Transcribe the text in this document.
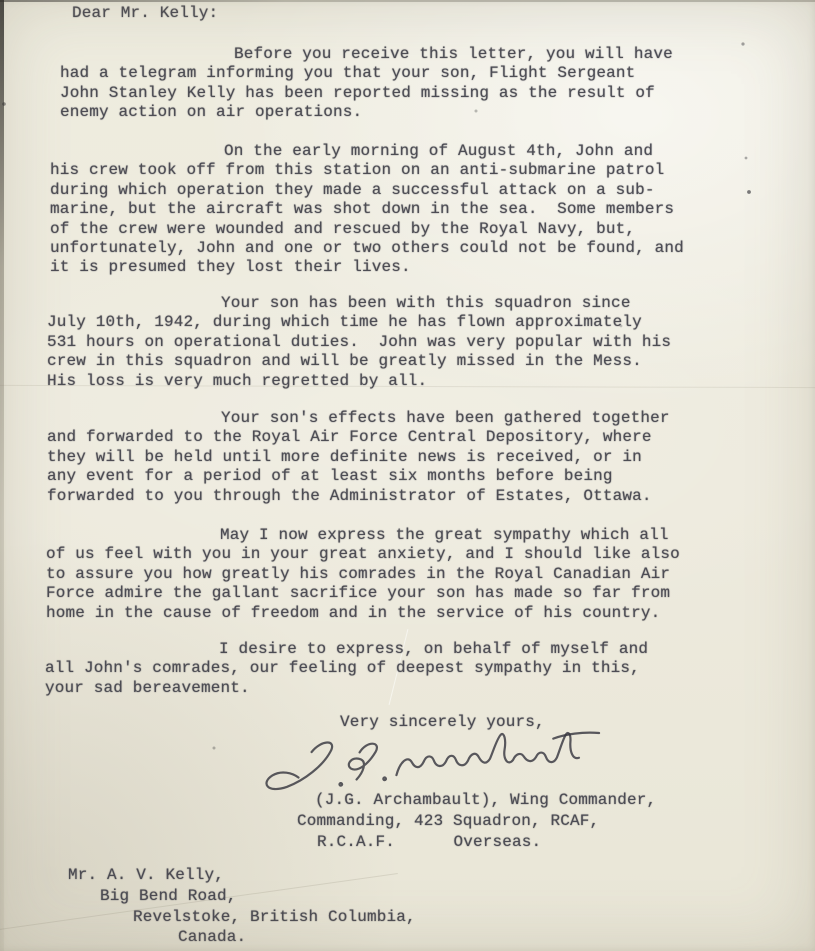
Dear Mr. Kelly:
Before you receive this letter, you will have
had a telegram informing you that your son, Flight Sergeant
John Stanley Kelly has been reported missing as the result of
enemy action on air operations.
On the early morning of August 4th, John and
his crew took off from this station on an anti-submarine patrol
during which operation they made a successful attack on a sub-
marine, but the aircraft was shot down in the sea.  Some members
of the crew were wounded and rescued by the Royal Navy, but,
unfortunately, John and one or two others could not be found, and
it is presumed they lost their lives.
Your son has been with this squadron since
July 10th, 1942, during which time he has flown approximately
531 hours on operational duties.  John was very popular with his
crew in this squadron and will be greatly missed in the Mess.
His loss is very much regretted by all.
Your son's effects have been gathered together
and forwarded to the Royal Air Force Central Depository, where
they will be held until more definite news is received, or in
any event for a period of at least six months before being
forwarded to you through the Administrator of Estates, Ottawa.
May I now express the great sympathy which all
of us feel with you in your great anxiety, and I should like also
to assure you how greatly his comrades in the Royal Canadian Air
Force admire the gallant sacrifice your son has made so far from
home in the cause of freedom and in the service of his country.
I desire to express, on behalf of myself and
all John's comrades, our feeling of deepest sympathy in this,
your sad bereavement.
Very sincerely yours,
(J.G. Archambault), Wing Commander,
Commanding, 423 Squadron, RCAF,
R.C.A.F.      Overseas.
Mr. A. V. Kelly,
Big Bend Road,
Revelstoke, British Columbia,
Canada.
